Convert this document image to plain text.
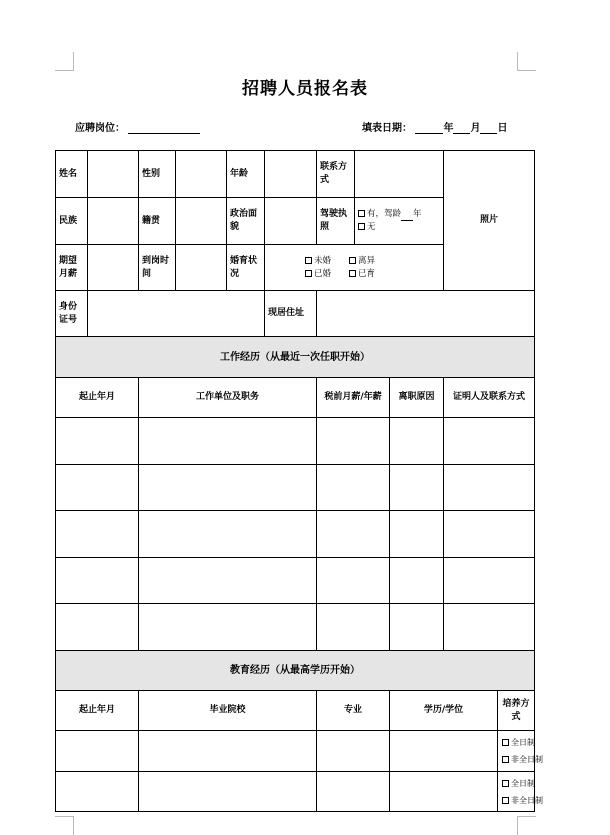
招聘人员报名表
应聘岗位：	填表日期：	年 月 日
姓名		性别		年龄		联系方式			照片	
民族		籍贯		政治面貌		驾驶执照	有，驾龄 年
无			

期望月薪		到岗时间		婚育状况	未婚 离异
已婚 已育					

身份证号					现居住址					
工作经历（从最近一次任职开始）										
起止年月		工作单位及职务				税前月薪/年薪		离职原因	证明人及联系方式	

教育经历（从最高学历开始）										
起止年月		毕业院校				专业		学历/学位		培养方式

										全日制
非全日制

										全日制
非全日制
